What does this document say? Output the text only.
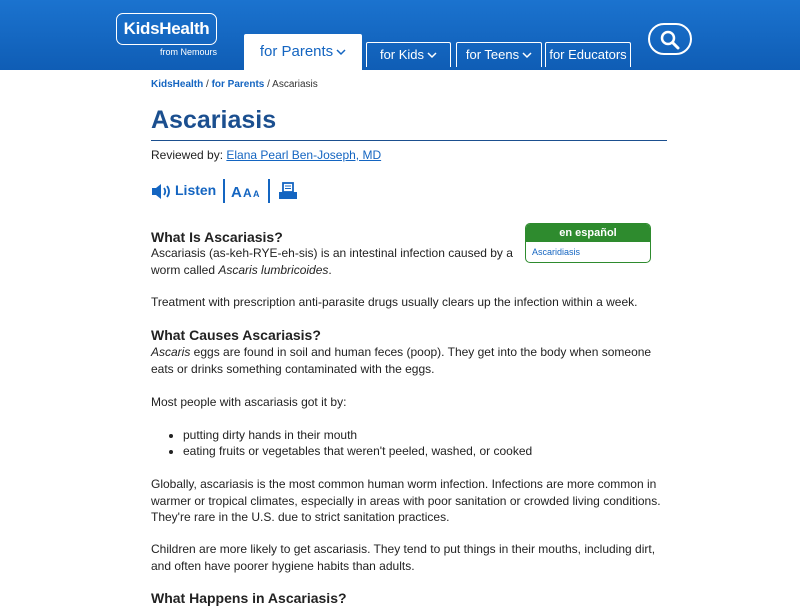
KidsHealth
from Nemours	for Parents	for Kids	for Teens	for Educators
KidsHealth / for Parents / Ascariasis
Ascariasis
Reviewed by: Elana Pearl Ben-Joseph, MD
Listen A A A
en español
Ascaridiasis
What Is Ascariasis?

Ascariasis (as-keh-RYE-eh-sis) is an intestinal infection caused by a worm called Ascaris lumbricoides.

Treatment with prescription anti-parasite drugs usually clears up the infection within a week.

What Causes Ascariasis?

Ascaris eggs are found in soil and human feces (poop). They get into the body when someone eats or drinks something contaminated with the eggs.

Most people with ascariasis got it by:

• putting dirty hands in their mouth
• eating fruits or vegetables that weren't peeled, washed, or cooked

Globally, ascariasis is the most common human worm infection. Infections are more common in warmer or tropical climates, especially in areas with poor sanitation or crowded living conditions. They're rare in the U.S. due to strict sanitation practices.

Children are more likely to get ascariasis. They tend to put things in their mouths, including dirt, and often have poorer hygiene habits than adults.

What Happens in Ascariasis?
